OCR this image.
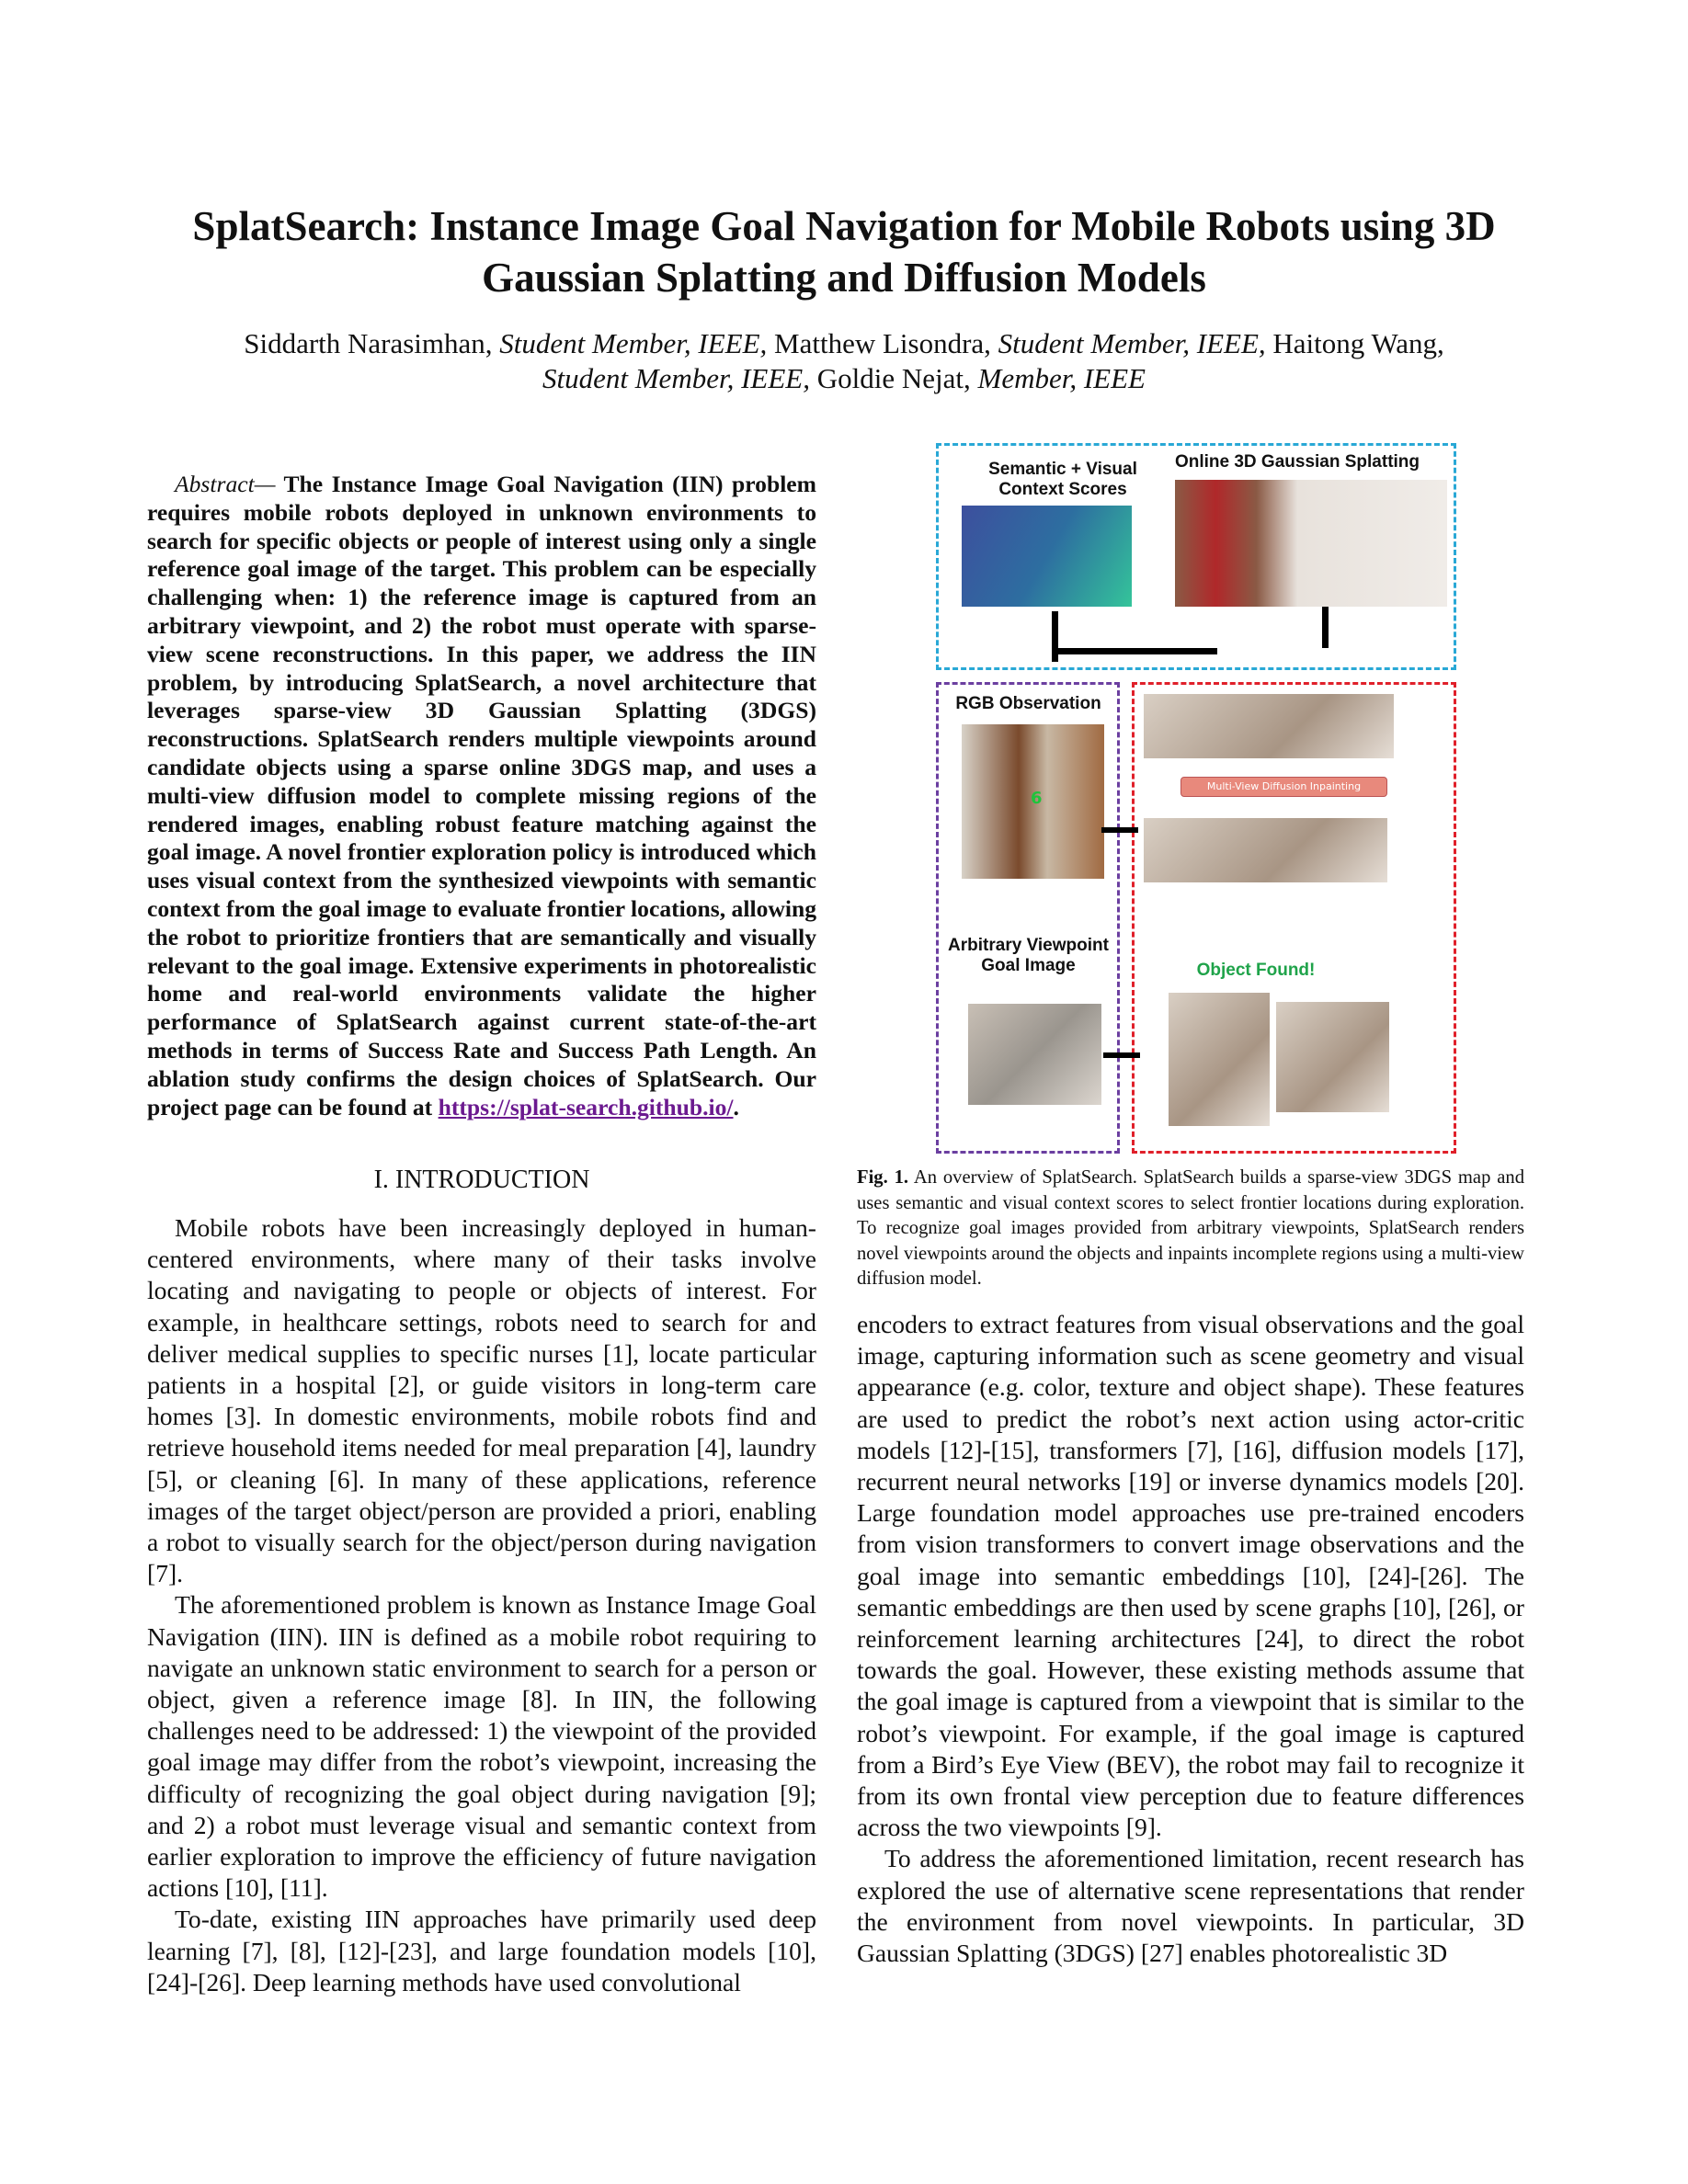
SplatSearch: Instance Image Goal Navigation for Mobile Robots using 3D Gaussian Splatting and Diffusion Models
Siddarth Narasimhan, Student Member, IEEE, Matthew Lisondra, Student Member, IEEE, Haitong Wang, Student Member, IEEE, Goldie Nejat, Member, IEEE
Abstract— The Instance Image Goal Navigation (IIN) problem requires mobile robots deployed in unknown environments to search for specific objects or people of interest using only a single reference goal image of the target. This problem can be especially challenging when: 1) the reference image is captured from an arbitrary viewpoint, and 2) the robot must operate with sparse-view scene reconstructions. In this paper, we address the IIN problem, by introducing SplatSearch, a novel architecture that leverages sparse-view 3D Gaussian Splatting (3DGS) reconstructions. SplatSearch renders multiple viewpoints around candidate objects using a sparse online 3DGS map, and uses a multi-view diffusion model to complete missing regions of the rendered images, enabling robust feature matching against the goal image. A novel frontier exploration policy is introduced which uses visual context from the synthesized viewpoints with semantic context from the goal image to evaluate frontier locations, allowing the robot to prioritize frontiers that are semantically and visually relevant to the goal image. Extensive experiments in photorealistic home and real-world environments validate the higher performance of SplatSearch against current state-of-the-art methods in terms of Success Rate and Success Path Length. An ablation study confirms the design choices of SplatSearch. Our project page can be found at https://splat-search.github.io/.
I. INTRODUCTION

Mobile robots have been increasingly deployed in human-centered environments, where many of their tasks involve locating and navigating to people or objects of interest. For example, in healthcare settings, robots need to search for and deliver medical supplies to specific nurses [1], locate particular patients in a hospital [2], or guide visitors in long-term care homes [3]. In domestic environments, mobile robots find and retrieve household items needed for meal preparation [4], laundry [5], or cleaning [6]. In many of these applications, reference images of the target object/person are provided a priori, enabling a robot to visually search for the object/person during navigation [7].

The aforementioned problem is known as Instance Image Goal Navigation (IIN). IIN is defined as a mobile robot requiring to navigate an unknown static environment to search for a person or object, given a reference image [8]. In IIN, the following challenges need to be addressed: 1) the viewpoint of the provided goal image may differ from the robot’s viewpoint, increasing the difficulty of recognizing the goal object during navigation [9]; and 2) a robot must leverage visual and semantic context from earlier exploration to improve the efficiency of future navigation actions [10], [11].

To-date, existing IIN approaches have primarily used deep learning [7], [8], [12]-[23], and large foundation models [10], [24]-[26]. Deep learning methods have used convolutional

Semantic + Visual Context Scores
Online 3D Gaussian Splatting
RGB Observation
6
Arbitrary Viewpoint Goal Image
Multi-View Diffusion Inpainting
Object Found!
Fig. 1. An overview of SplatSearch. SplatSearch builds a sparse-view 3DGS map and uses semantic and visual context scores to select frontier locations during exploration. To recognize goal images provided from arbitrary viewpoints, SplatSearch renders novel viewpoints around the objects and inpaints incomplete regions using a multi-view diffusion model.

encoders to extract features from visual observations and the goal image, capturing information such as scene geometry and visual appearance (e.g. color, texture and object shape). These features are used to predict the robot’s next action using actor-critic models [12]-[15], transformers [7], [16], diffusion models [17], recurrent neural networks [19] or inverse dynamics models [20]. Large foundation model approaches use pre-trained encoders from vision transformers to convert image observations and the goal image into semantic embeddings [10], [24]-[26]. The semantic embeddings are then used by scene graphs [10], [26], or reinforcement learning architectures [24], to direct the robot towards the goal. However, these existing methods assume that the goal image is captured from a viewpoint that is similar to the robot’s viewpoint. For example, if the goal image is captured from a Bird’s Eye View (BEV), the robot may fail to recognize it from its own frontal view perception due to feature differences across the two viewpoints [9].

To address the aforementioned limitation, recent research has explored the use of alternative scene representations that render the environment from novel viewpoints. In particular, 3D Gaussian Splatting (3DGS) [27] enables photorealistic 3D
